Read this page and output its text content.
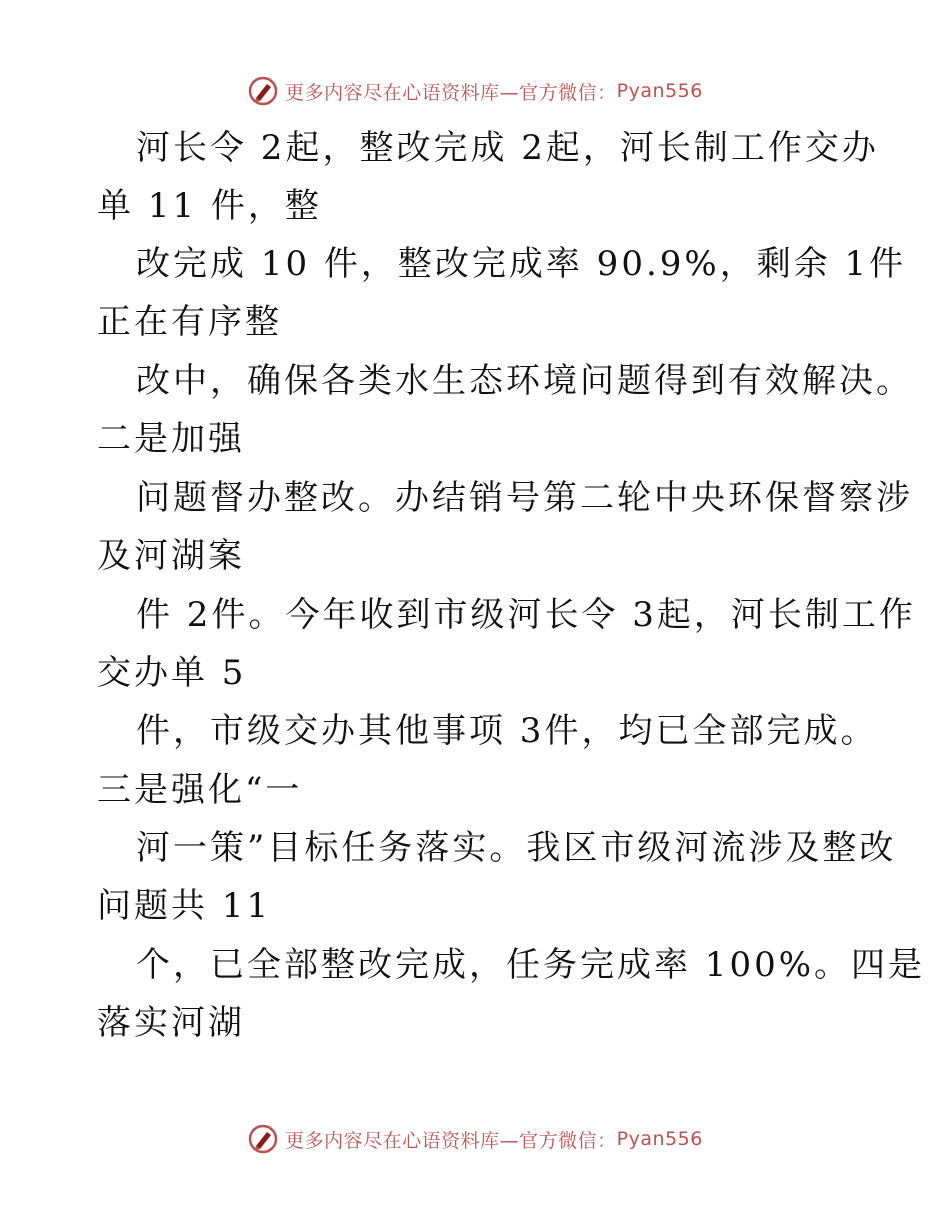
更多内容尽在心语资料库—官方微信： Pyan556
河长令 2起，整改完成 2起，河长制工作交办
单 11 件，整
改完成 10 件，整改完成率 90.9%，剩余 1件
正在有序整
改中，确保各类水生态环境问题得到有效解决。
二是加强
问题督办整改。办结销号第二轮中央环保督察涉
及河湖案
件 2件。今年收到市级河长令 3起，河长制工作
交办单 5
件，市级交办其他事项 3件，均已全部完成。
三是强化“一
河一策”目标任务落实。我区市级河流涉及整改
问题共 11
个，已全部整改完成，任务完成率 100%。四是
落实河湖
更多内容尽在心语资料库—官方微信： Pyan556
